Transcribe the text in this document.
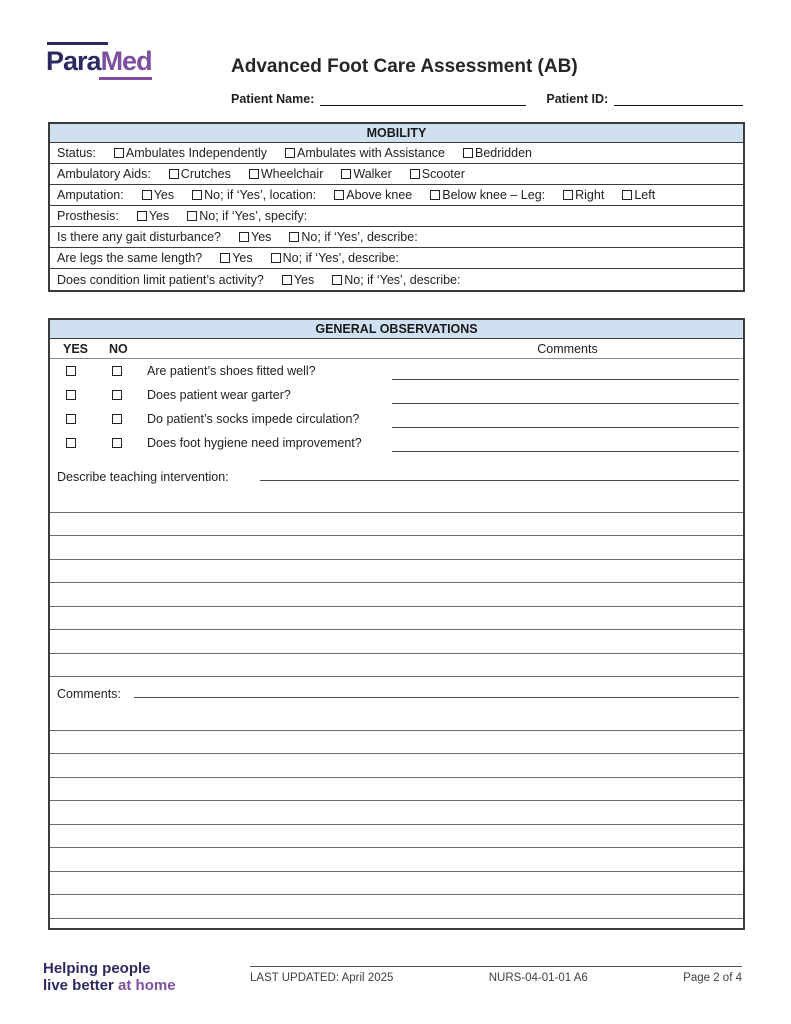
ParaMed	Advanced Foot Care Assessment (AB)
Patient Name:	Patient ID:
MOBILITY
Status: Ambulates Independently Ambulates with Assistance Bedridden
Ambulatory Aids: Crutches Wheelchair Walker Scooter
Amputation: Yes No; if ‘Yes’, location: Above knee Below knee – Leg: Right Left
Prosthesis: Yes No; if ‘Yes’, specify:
Is there any gait disturbance? Yes No; if ‘Yes’, describe:
Are legs the same length? Yes No; if ‘Yes’, describe:
Does condition limit patient’s activity? Yes No; if ‘Yes’, describe:
GENERAL OBSERVATIONS
YES NO	Comments
Are patient’s shoes fitted well?
Does patient wear garter?
Do patient’s socks impede circulation?
Does foot hygiene need improvement?
Describe teaching intervention:
Comments:
Helping people
live better at home	LAST UPDATED: April 2025	NURS-04-01-01 A6	Page 2 of 4
